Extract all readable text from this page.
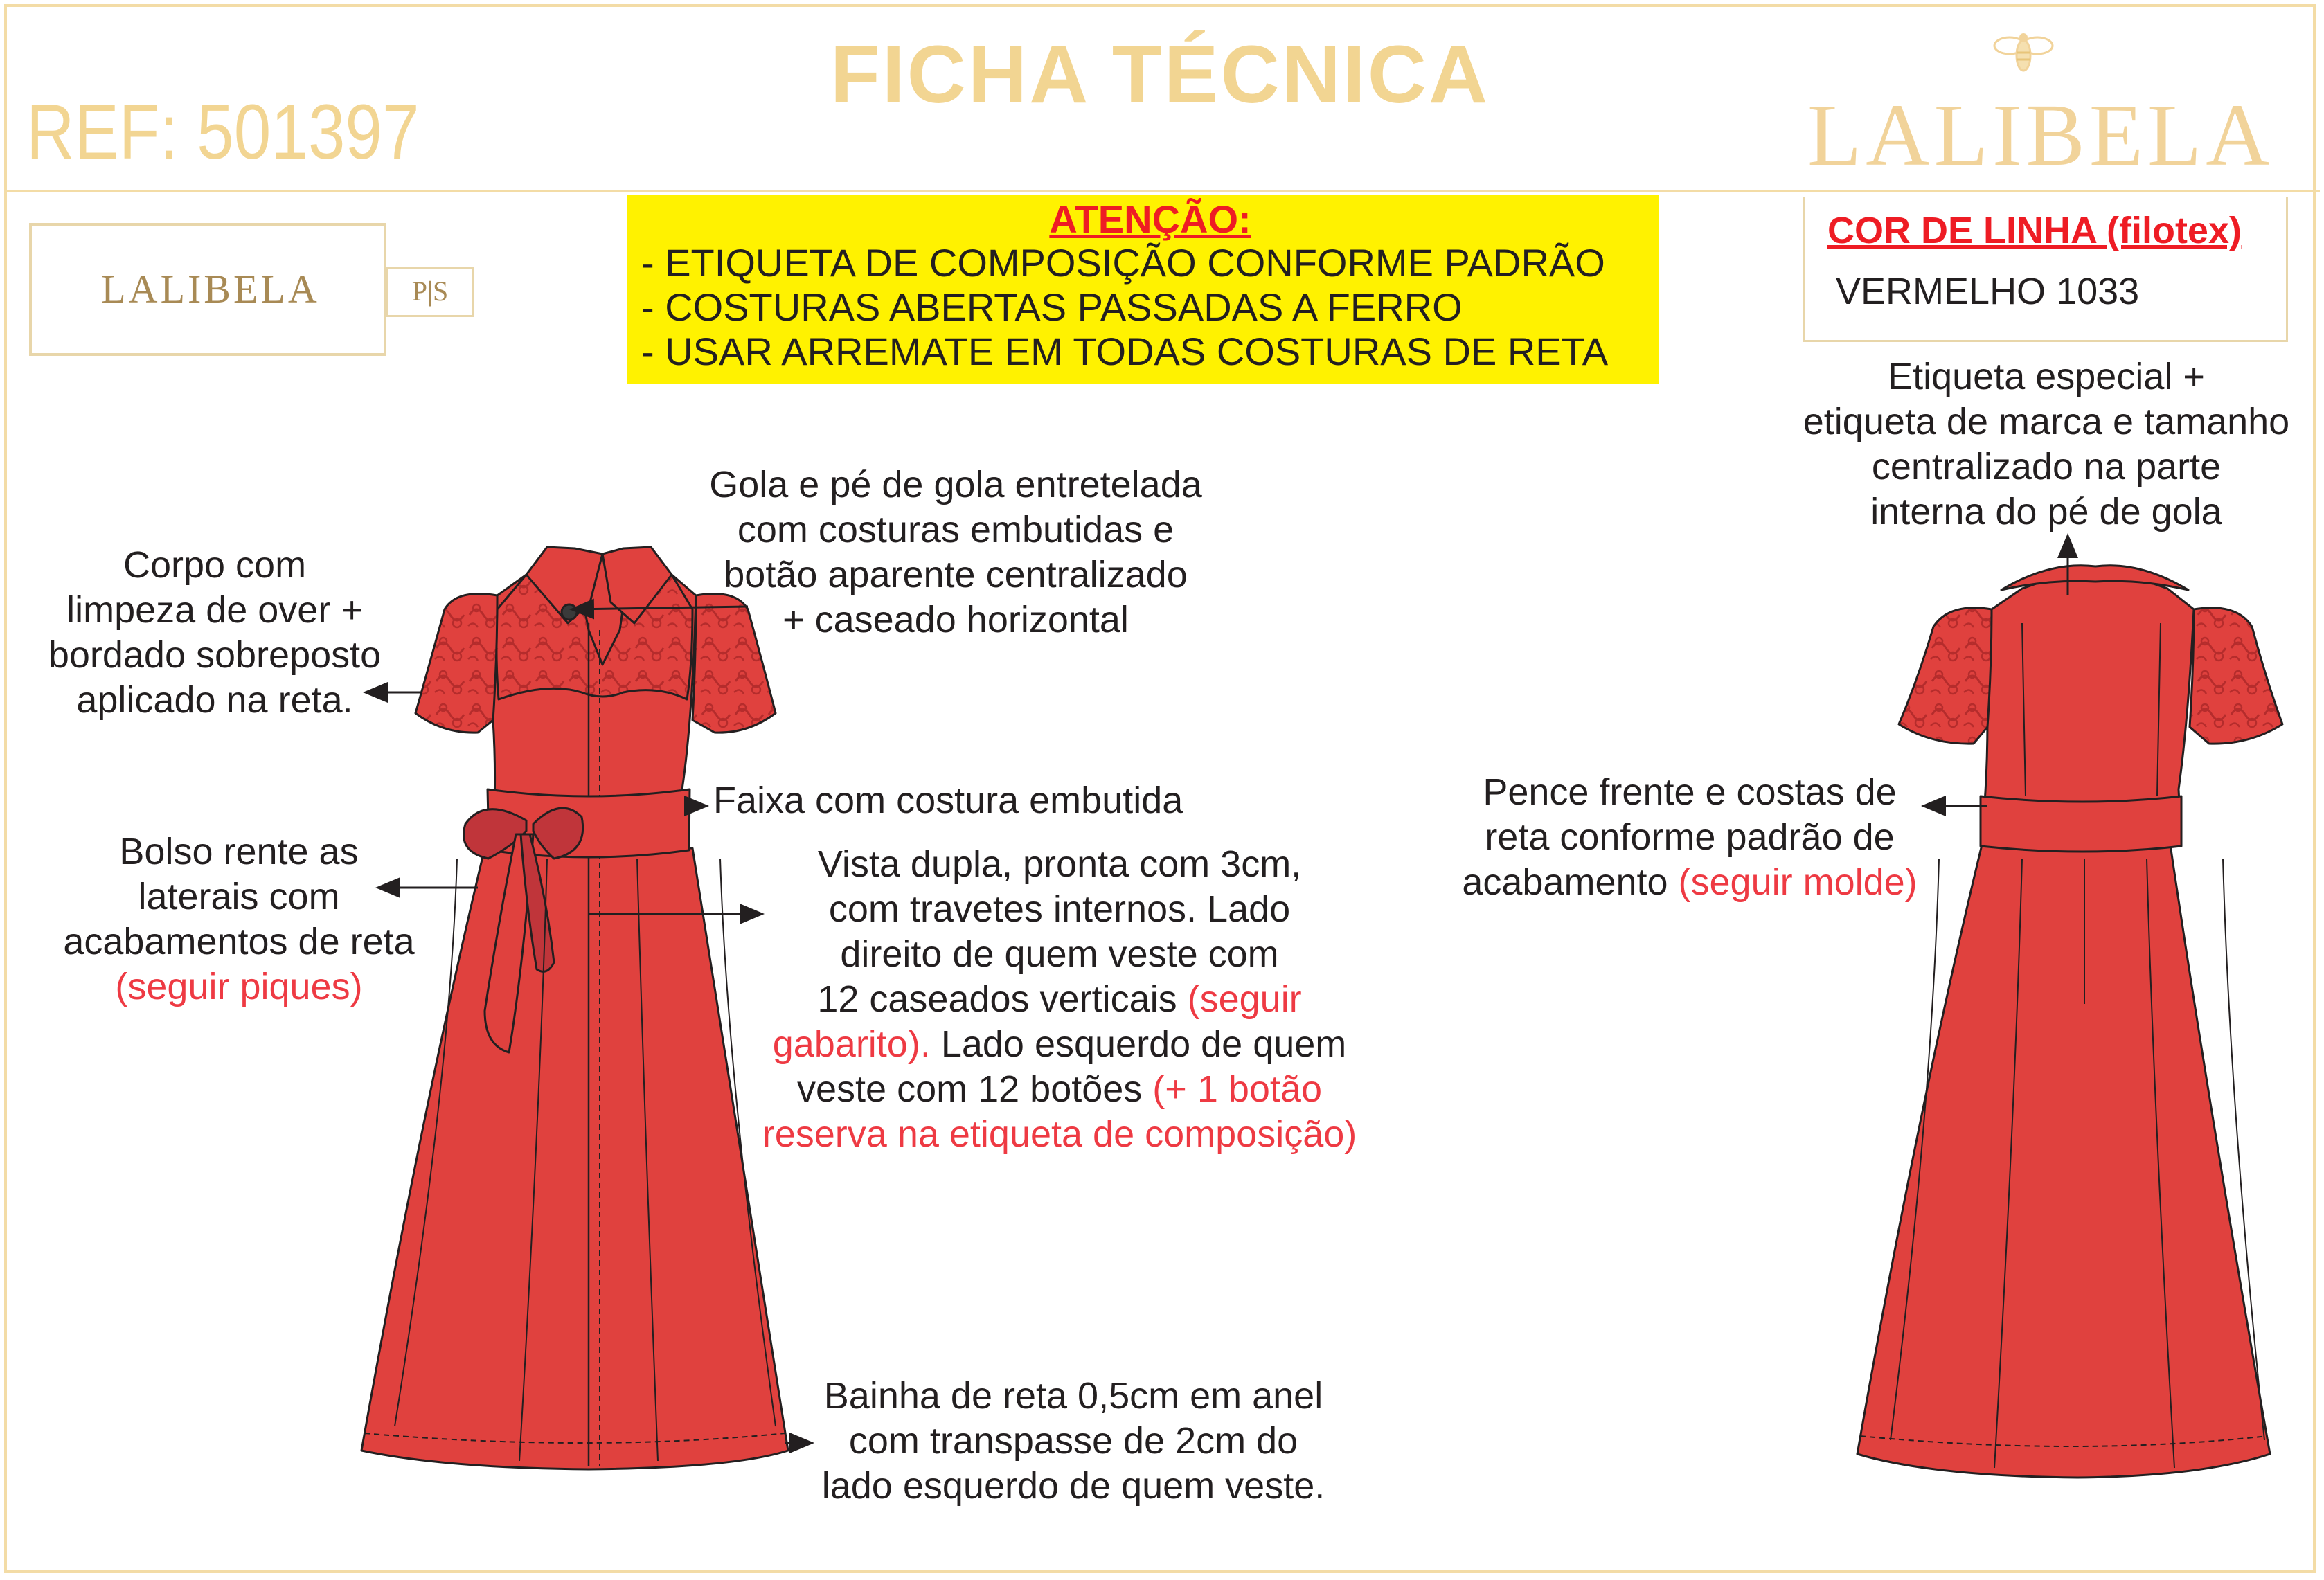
FICHA TÉCNICA
REF: 501397	LALIBELA
LALIBELA	P|S
ATENÇÃO:
- ETIQUETA DE COMPOSIÇÃO CONFORME PADRÃO
- COSTURAS ABERTAS PASSADAS A FERRO
- USAR ARREMATE EM TODAS COSTURAS DE RETA
COR DE LINHA (filotex)
VERMELHO 1033
Gola e pé de gola entretelada
com costuras embutidas e
botão aparente centralizado
+ caseado horizontal
Corpo com
limpeza de over +
bordado sobreposto
aplicado na reta.
Faixa com costura embutida
Bolso rente as
laterais com
acabamentos de reta
(seguir piques)
Vista dupla, pronta com 3cm,
com travetes internos. Lado
direito de quem veste com
12 caseados verticais (seguir
gabarito). Lado esquerdo de quem
veste com 12 botões (+ 1 botão
reserva na etiqueta de composição)
Bainha de reta 0,5cm em anel
com transpasse de 2cm do
lado esquerdo de quem veste.
Etiqueta especial +
etiqueta de marca e tamanho
centralizado na parte
interna do pé de gola
Pence frente e costas de
reta conforme padrão de
acabamento (seguir molde)
